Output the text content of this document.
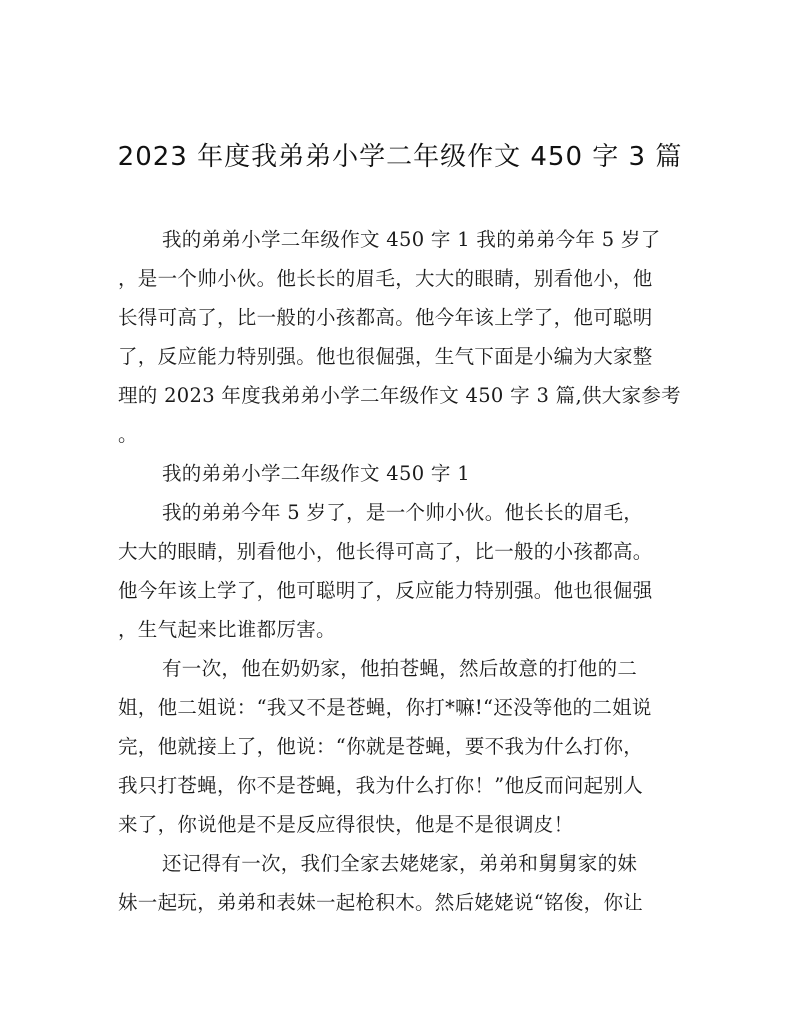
2023 年度我弟弟小学二年级作文 450 字 3 篇
我的弟弟小学二年级作文 450 字 1 我的弟弟今年 5 岁了
，是一个帅小伙。他长长的眉毛，大大的眼睛，别看他小，他
长得可高了，比一般的小孩都高。他今年该上学了，他可聪明
了，反应能力特别强。他也很倔强，生气下面是小编为大家整
理的 2023 年度我弟弟小学二年级作文 450 字 3 篇,供大家参考
。
我的弟弟小学二年级作文 450 字 1
我的弟弟今年 5 岁了，是一个帅小伙。他长长的眉毛，
大大的眼睛，别看他小，他长得可高了，比一般的小孩都高。
他今年该上学了，他可聪明了，反应能力特别强。他也很倔强
，生气起来比谁都厉害。
有一次，他在奶奶家，他拍苍蝇，然后故意的打他的二
姐，他二姐说：“我又不是苍蝇，你打*嘛!“还没等他的二姐说
完，他就接上了，他说：“你就是苍蝇，要不我为什么打你，
我只打苍蝇，你不是苍蝇，我为什么打你！”他反而问起别人
来了，你说他是不是反应得很快，他是不是很调皮！
还记得有一次，我们全家去姥姥家，弟弟和舅舅家的妹
妹一起玩，弟弟和表妹一起枪积木。然后姥姥说“铭俊，你让
